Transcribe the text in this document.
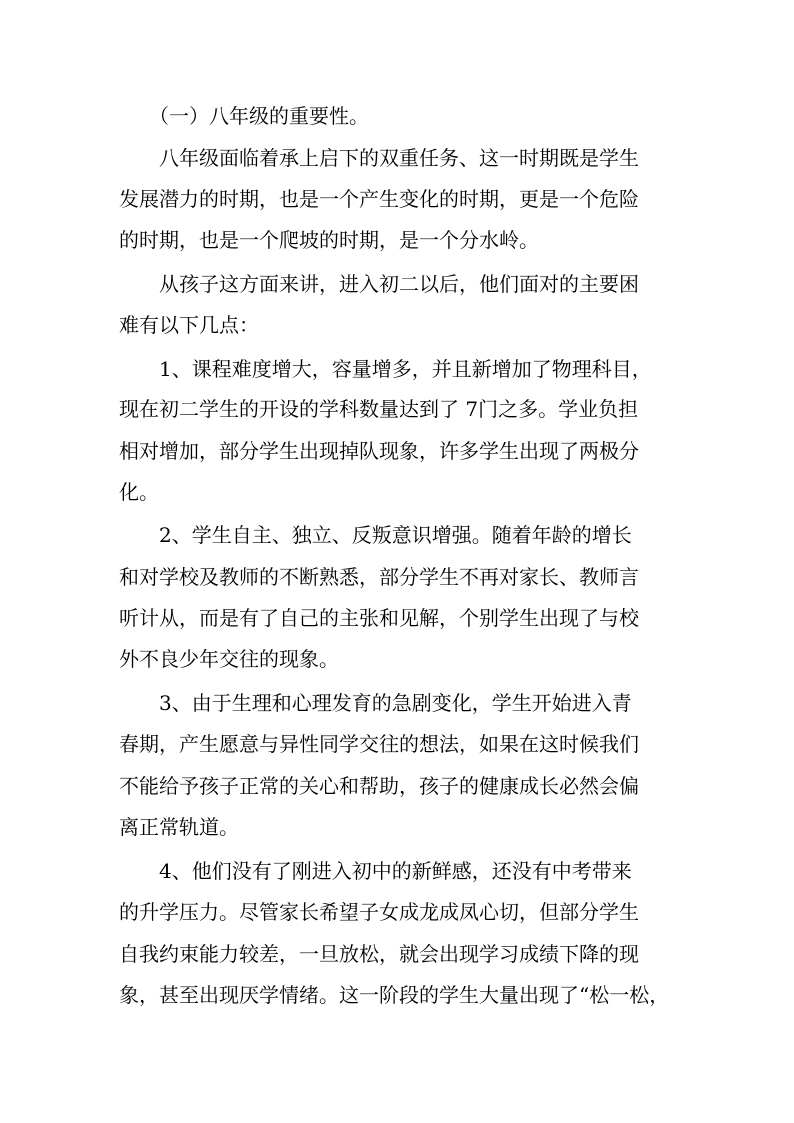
　　（一）八年级的重要性。
　　八年级面临着承上启下的双重任务、这一时期既是学生
发展潜力的时期，也是一个产生变化的时期，更是一个危险
的时期，也是一个爬坡的时期，是一个分水岭。
　　从孩子这方面来讲，进入初二以后，他们面对的主要困
难有以下几点：
　　1、课程难度增大，容量增多，并且新增加了物理科目，
现在初二学生的开设的学科数量达到了 7门之多。学业负担
相对增加，部分学生出现掉队现象，许多学生出现了两极分
化。
　　2、学生自主、独立、反叛意识增强。随着年龄的增长
和对学校及教师的不断熟悉，部分学生不再对家长、教师言
听计从，而是有了自己的主张和见解，个别学生出现了与校
外不良少年交往的现象。
　　3、由于生理和心理发育的急剧变化，学生开始进入青
春期，产生愿意与异性同学交往的想法，如果在这时候我们
不能给予孩子正常的关心和帮助，孩子的健康成长必然会偏
离正常轨道。
　　4、他们没有了刚进入初中的新鲜感，还没有中考带来
的升学压力。尽管家长希望子女成龙成凤心切，但部分学生
自我约束能力较差，一旦放松，就会出现学习成绩下降的现
象，甚至出现厌学情绪。这一阶段的学生大量出现了“松一松，
